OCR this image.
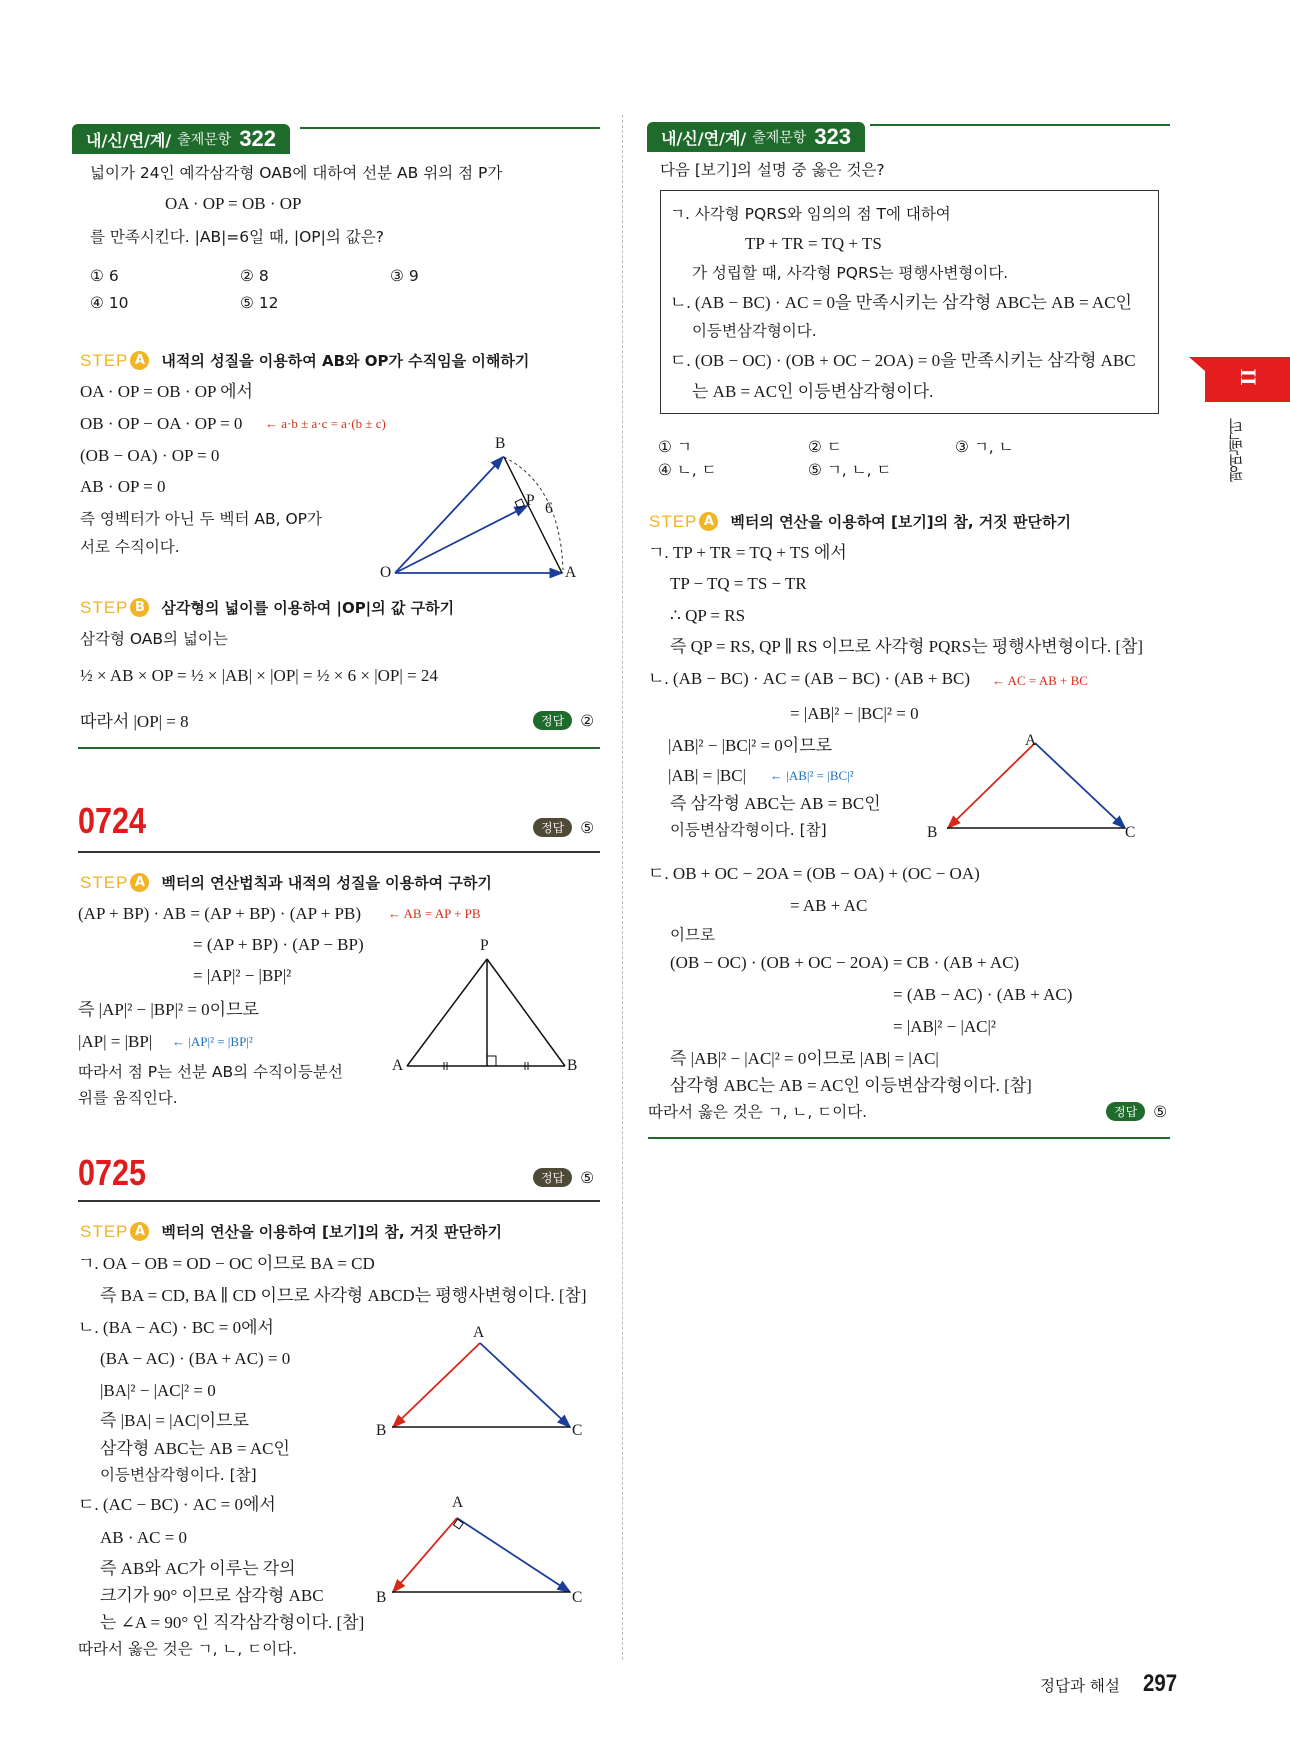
내/신/연/계/ 출제문항 322
넓이가 24인 예각삼각형 OAB에 대하여 선분 AB 위의 점 P가
OA · OP = OB · OP
를 만족시킨다. |AB|=6일 때, |OP|의 값은?
① 6	② 8	③ 9
④ 10	⑤ 12
STEP A 내적의 성질을 이용하여 AB와 OP가 수직임을 이해하기
OA · OP = OB · OP 에서
OB · OP − OA · OP = 0 ← a·b ± a·c = a·(b ± c)
(OB − OA) · OP = 0
AB · OP = 0
즉 영벡터가 아닌 두 벡터 AB, OP가
서로 수직이다.
B
P 6
O	A
STEP B	삼각형의 넓이를 이용하여 |OP|의 값 구하기
삼각형 OAB의 넓이는
½ × AB × OP = ½ × |AB| × |OP| = ½ × 6 × |OP| = 24
따라서 |OP| = 8	정답	②
0724	정답	⑤
STEP A 벡터의 연산법칙과 내적의 성질을 이용하여 구하기
(AP + BP) · AB = (AP + BP) · (AP + PB) ← AB = AP + PB
= (AP + BP) · (AP − BP)
= |AP|² − |BP|²
즉 |AP|² − |BP|² = 0이므로
|AP| = |BP| ← |AP|² = |BP|²
따라서 점 P는 선분 AB의 수직이등분선
위를 움직인다.
P
A	B
0725	정답	⑤
STEP A 벡터의 연산을 이용하여 [보기]의 참, 거짓 판단하기
ㄱ. OA − OB = OD − OC 이므로 BA = CD
즉 BA = CD, BA ∥ CD 이므로 사각형 ABCD는 평행사변형이다. [참]
ㄴ. (BA − AC) · BC = 0에서
(BA − AC) · (BA + AC) = 0
|BA|² − |AC|² = 0
즉 |BA| = |AC|이므로
삼각형 ABC는 AB = AC인
이등변삼각형이다. [참]
ㄷ. (AC − BC) · AC = 0에서
AB · AC = 0
즉 AB와 AC가 이루는 각의
크기가 90° 이므로 삼각형 ABC
는 ∠A = 90° 인 직각삼각형이다. [참]
따라서 옳은 것은 ㄱ, ㄴ, ㄷ이다.
A
B	C
A
B	C
내/신/연/계/ 출제문항 323
다음 [보기]의 설명 중 옳은 것은?
ㄱ. 사각형 PQRS와 임의의 점 T에 대하여
TP + TR = TQ + TS
가 성립할 때, 사각형 PQRS는 평행사변형이다.
ㄴ. (AB − BC) · AC = 0을 만족시키는 삼각형 ABC는 AB = AC인
이등변삼각형이다.
ㄷ. (OB − OC) · (OB + OC − 2OA) = 0을 만족시키는 삼각형 ABC
는 AB = AC인 이등변삼각형이다.
① ㄱ	② ㄷ	③ ㄱ, ㄴ
④ ㄴ, ㄷ	⑤ ㄱ, ㄴ, ㄷ
STEP A 벡터의 연산을 이용하여 [보기]의 참, 거짓 판단하기
ㄱ. TP + TR = TQ + TS 에서
TP − TQ = TS − TR
∴ QP = RS
즉 QP = RS, QP ∥ RS 이므로 사각형 PQRS는 평행사변형이다. [참]
ㄴ. (AB − BC) · AC = (AB − BC) · (AB + BC) ← AC = AB + BC
= |AB|² − |BC|² = 0
|AB|² − |BC|² = 0이므로
|AB| = |BC| ← |AB|² = |BC|²
즉 삼각형 ABC는 AB = BC인
이등변삼각형이다. [참]
A
B	C
ㄷ. OB + OC − 2OA = (OB − OA) + (OC − OA)
= AB + AC
이므로
(OB − OC) · (OB + OC − 2OA) = CB · (AB + AC)
= (AB − AC) · (AB + AC)
= |AB|² − |AC|²
즉 |AB|² − |AC|² = 0이므로 |AB| = |AC|
삼각형 ABC는 AB = AC인 이등변삼각형이다. [참]
따라서 옳은 것은 ㄱ, ㄴ, ㄷ이다.	정답	⑤
II
평면벡터
정답과 해설 297
